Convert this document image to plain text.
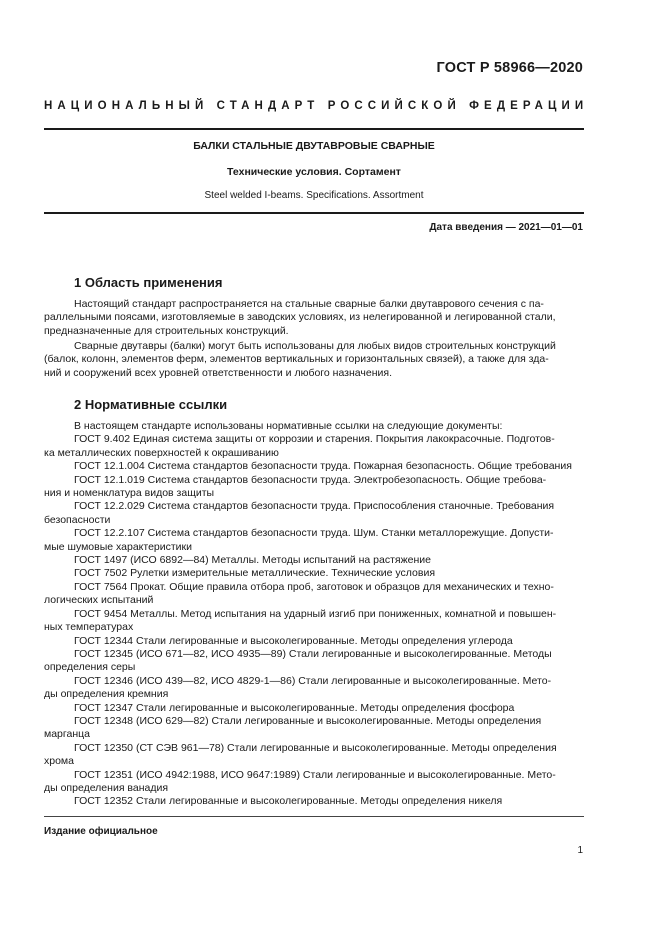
ГОСТ Р 58966—2020
НАЦИОНАЛЬНЫЙ СТАНДАРТ РОССИЙСКОЙ ФЕДЕРАЦИИ
БАЛКИ СТАЛЬНЫЕ ДВУТАВРОВЫЕ СВАРНЫЕ
Технические условия. Сортамент
Steel welded I-beams. Specifications. Assortment
Дата введения — 2021—01—01
1 Область применения
Настоящий стандарт распространяется на стальные сварные балки двутаврового сечения с па-
раллельными поясами, изготовляемые в заводских условиях, из нелегированной и легированной стали,
предназначенные для строительных конструкций.
Сварные двутавры (балки) могут быть использованы для любых видов строительных конструкций
(балок, колонн, элементов ферм, элементов вертикальных и горизонтальных связей), а также для зда-
ний и сооружений всех уровней ответственности и любого назначения.
2 Нормативные ссылки
В настоящем стандарте использованы нормативные ссылки на следующие документы:
ГОСТ 9.402 Единая система защиты от коррозии и старения. Покрытия лакокрасочные. Подготов-
ка металлических поверхностей к окрашиванию
ГОСТ 12.1.004 Система стандартов безопасности труда. Пожарная безопасность. Общие требования
ГОСТ 12.1.019 Система стандартов безопасности труда. Электробезопасность. Общие требова-
ния и номенклатура видов защиты
ГОСТ 12.2.029 Система стандартов безопасности труда. Приспособления станочные. Требования
безопасности
ГОСТ 12.2.107 Система стандартов безопасности труда. Шум. Станки металлорежущие. Допусти-
мые шумовые характеристики
ГОСТ 1497 (ИСО 6892—84) Металлы. Методы испытаний на растяжение
ГОСТ 7502 Рулетки измерительные металлические. Технические условия
ГОСТ 7564 Прокат. Общие правила отбора проб, заготовок и образцов для механических и техно-
логических испытаний
ГОСТ 9454 Металлы. Метод испытания на ударный изгиб при пониженных, комнатной и повышен-
ных температурах
ГОСТ 12344 Стали легированные и высоколегированные. Методы определения углерода
ГОСТ 12345 (ИСО 671—82, ИСО 4935—89) Стали легированные и высоколегированные. Методы
определения серы
ГОСТ 12346 (ИСО 439—82, ИСО 4829-1—86) Стали легированные и высоколегированные. Мето-
ды определения кремния
ГОСТ 12347 Стали легированные и высоколегированные. Методы определения фосфора
ГОСТ 12348 (ИСО 629—82) Стали легированные и высоколегированные. Методы определения
марганца
ГОСТ 12350 (СТ СЭВ 961—78) Стали легированные и высоколегированные. Методы определения
хрома
ГОСТ 12351 (ИСО 4942:1988, ИСО 9647:1989) Стали легированные и высоколегированные. Мето-
ды определения ванадия
ГОСТ 12352 Стали легированные и высоколегированные. Методы определения никеля
Издание официальное
1
